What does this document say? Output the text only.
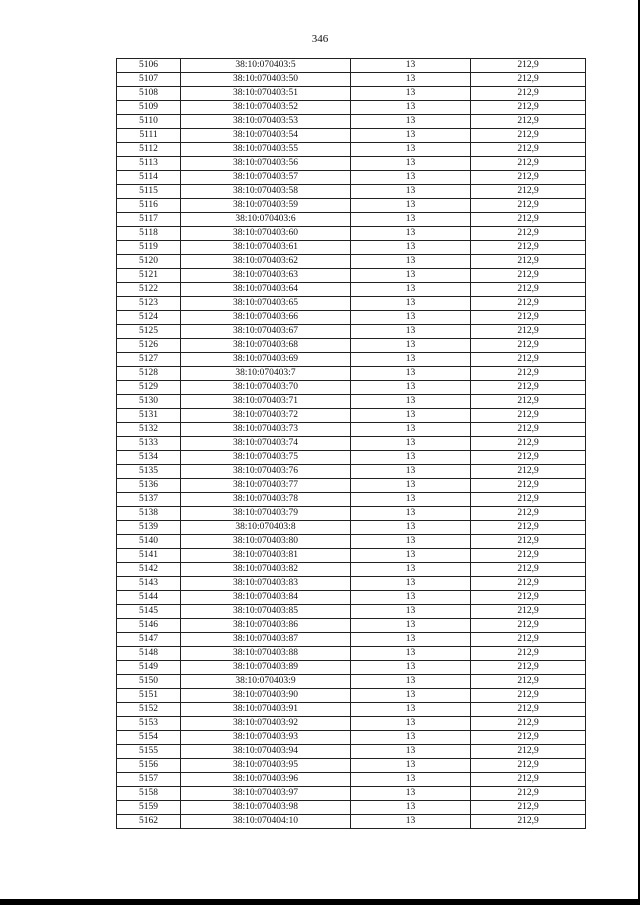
346
5106	38:10:070403:5	13	212,9
5107	38:10:070403:50	13	212,9
5108	38:10:070403:51	13	212,9
5109	38:10:070403:52	13	212,9
5110	38:10:070403:53	13	212,9
5111	38:10:070403:54	13	212,9
5112	38:10:070403:55	13	212,9
5113	38:10:070403:56	13	212,9
5114	38:10:070403:57	13	212,9
5115	38:10:070403:58	13	212,9
5116	38:10:070403:59	13	212,9
5117	38:10:070403:6	13	212,9
5118	38:10:070403:60	13	212,9
5119	38:10:070403:61	13	212,9
5120	38:10:070403:62	13	212,9
5121	38:10:070403:63	13	212,9
5122	38:10:070403:64	13	212,9
5123	38:10:070403:65	13	212,9
5124	38:10:070403:66	13	212,9
5125	38:10:070403:67	13	212,9
5126	38:10:070403:68	13	212,9
5127	38:10:070403:69	13	212,9
5128	38:10:070403:7	13	212,9
5129	38:10:070403:70	13	212,9
5130	38:10:070403:71	13	212,9
5131	38:10:070403:72	13	212,9
5132	38:10:070403:73	13	212,9
5133	38:10:070403:74	13	212,9
5134	38:10:070403:75	13	212,9
5135	38:10:070403:76	13	212,9
5136	38:10:070403:77	13	212,9
5137	38:10:070403:78	13	212,9
5138	38:10:070403:79	13	212,9
5139	38:10:070403:8	13	212,9
5140	38:10:070403:80	13	212,9
5141	38:10:070403:81	13	212,9
5142	38:10:070403:82	13	212,9
5143	38:10:070403:83	13	212,9
5144	38:10:070403:84	13	212,9
5145	38:10:070403:85	13	212,9
5146	38:10:070403:86	13	212,9
5147	38:10:070403:87	13	212,9
5148	38:10:070403:88	13	212,9
5149	38:10:070403:89	13	212,9
5150	38:10:070403:9	13	212,9
5151	38:10:070403:90	13	212,9
5152	38:10:070403:91	13	212,9
5153	38:10:070403:92	13	212,9
5154	38:10:070403:93	13	212,9
5155	38:10:070403:94	13	212,9
5156	38:10:070403:95	13	212,9
5157	38:10:070403:96	13	212,9
5158	38:10:070403:97	13	212,9
5159	38:10:070403:98	13	212,9
5162	38:10:070404:10	13	212,9
